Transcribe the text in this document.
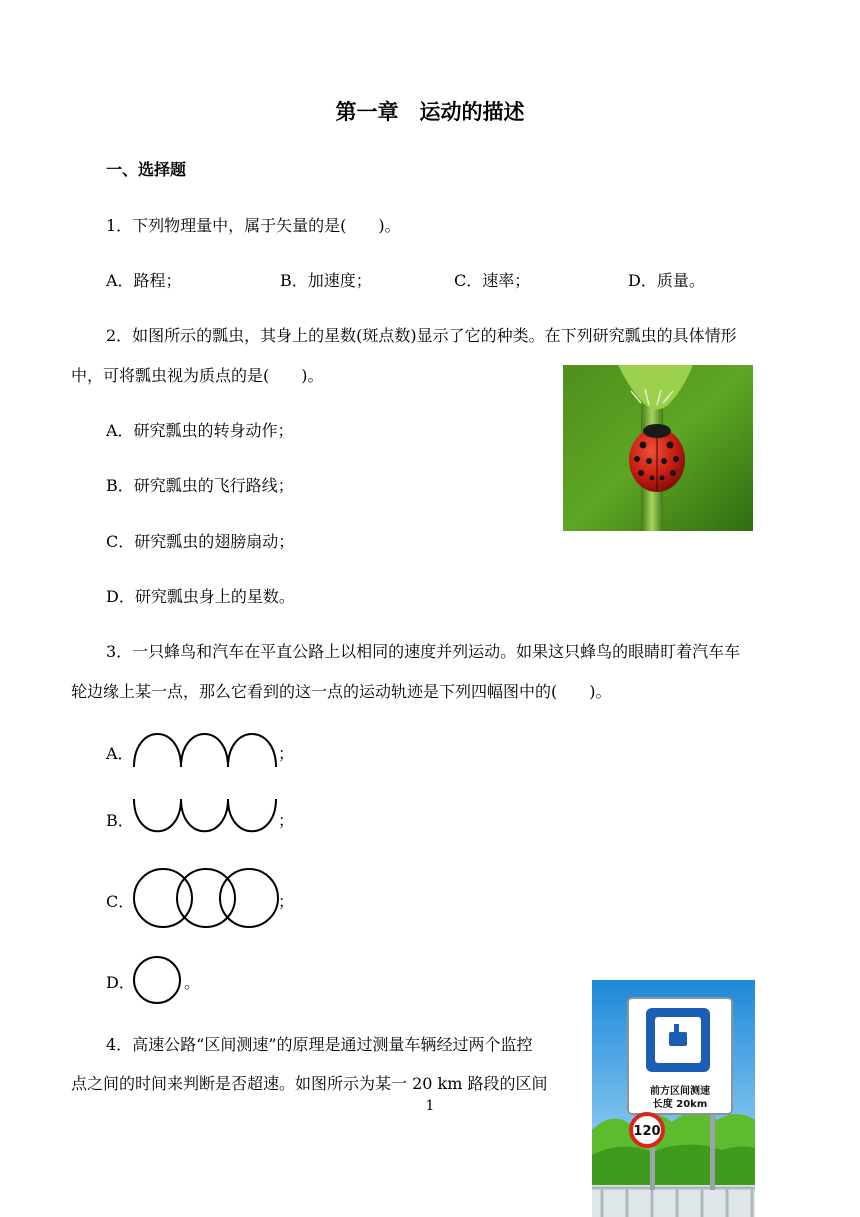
第一章　运动的描述
一、选择题
1．下列物理量中，属于矢量的是(　　)。
A．路程；	B．加速度；	C．速率；	D．质量。
2．如图所示的瓢虫，其身上的星数(斑点数)显示了它的种类。在下列研究瓢虫的具体情形
中，可将瓢虫视为质点的是(　　)。
A．研究瓢虫的转身动作；
B．研究瓢虫的飞行路线；
C．研究瓢虫的翅膀扇动；
D．研究瓢虫身上的星数。
3．一只蜂鸟和汽车在平直公路上以相同的速度并列运动。如果这只蜂鸟的眼睛盯着汽车车
轮边缘上某一点，那么它看到的这一点的运动轨迹是下列四幅图中的(　　)。
A．	；
B．	；
C．	；
D．	。
4．高速公路“区间测速”的原理是通过测量车辆经过两个监控
点之间的时间来判断是否超速。如图所示为某一 20 km 路段的区间	前方区间测速
长度 20km
120
1
